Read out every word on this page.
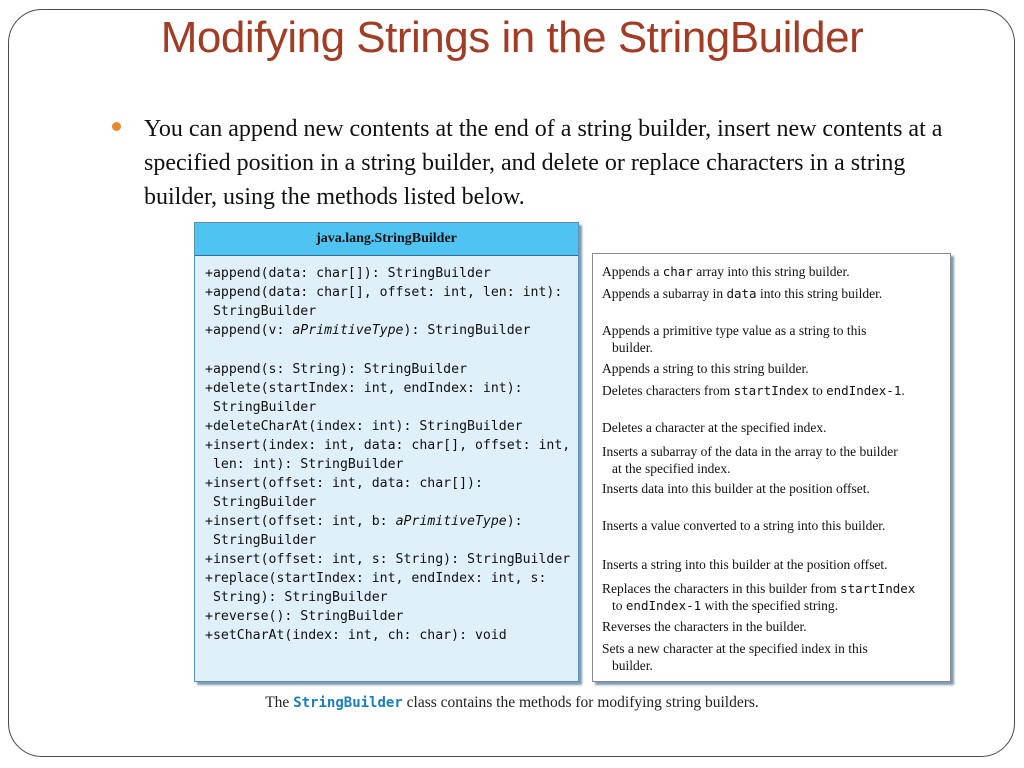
Modifying Strings in the StringBuilder
You can append new contents at the end of a string builder, insert new contents at a specified position in a string builder, and delete or replace characters in a string builder, using the methods listed below.
java.lang.StringBuilder
+append(data: char[]): StringBuilder
+append(data: char[], offset: int, len: int):
StringBuilder
+append(v: aPrimitiveType): StringBuilder
+append(s: String): StringBuilder
+delete(startIndex: int, endIndex: int):
StringBuilder
+deleteCharAt(index: int): StringBuilder
+insert(index: int, data: char[], offset: int,
len: int): StringBuilder
+insert(offset: int, data: char[]):
StringBuilder
+insert(offset: int, b: aPrimitiveType):
StringBuilder
+insert(offset: int, s: String): StringBuilder
+replace(startIndex: int, endIndex: int, s:
String): StringBuilder
+reverse(): StringBuilder
+setCharAt(index: int, ch: char): void
Appends a char array into this string builder.
Appends a subarray in data into this string builder.
Appends a primitive type value as a string to this
builder.
Appends a string to this string builder.
Deletes characters from startIndex to endIndex-1.
Deletes a character at the specified index.
Inserts a subarray of the data in the array to the builder
at the specified index.
Inserts data into this builder at the position offset.
Inserts a value converted to a string into this builder.
Inserts a string into this builder at the position offset.
Replaces the characters in this builder from startIndex
to endIndex-1 with the specified string.
Reverses the characters in the builder.
Sets a new character at the specified index in this
builder.
The StringBuilder class contains the methods for modifying string builders.
